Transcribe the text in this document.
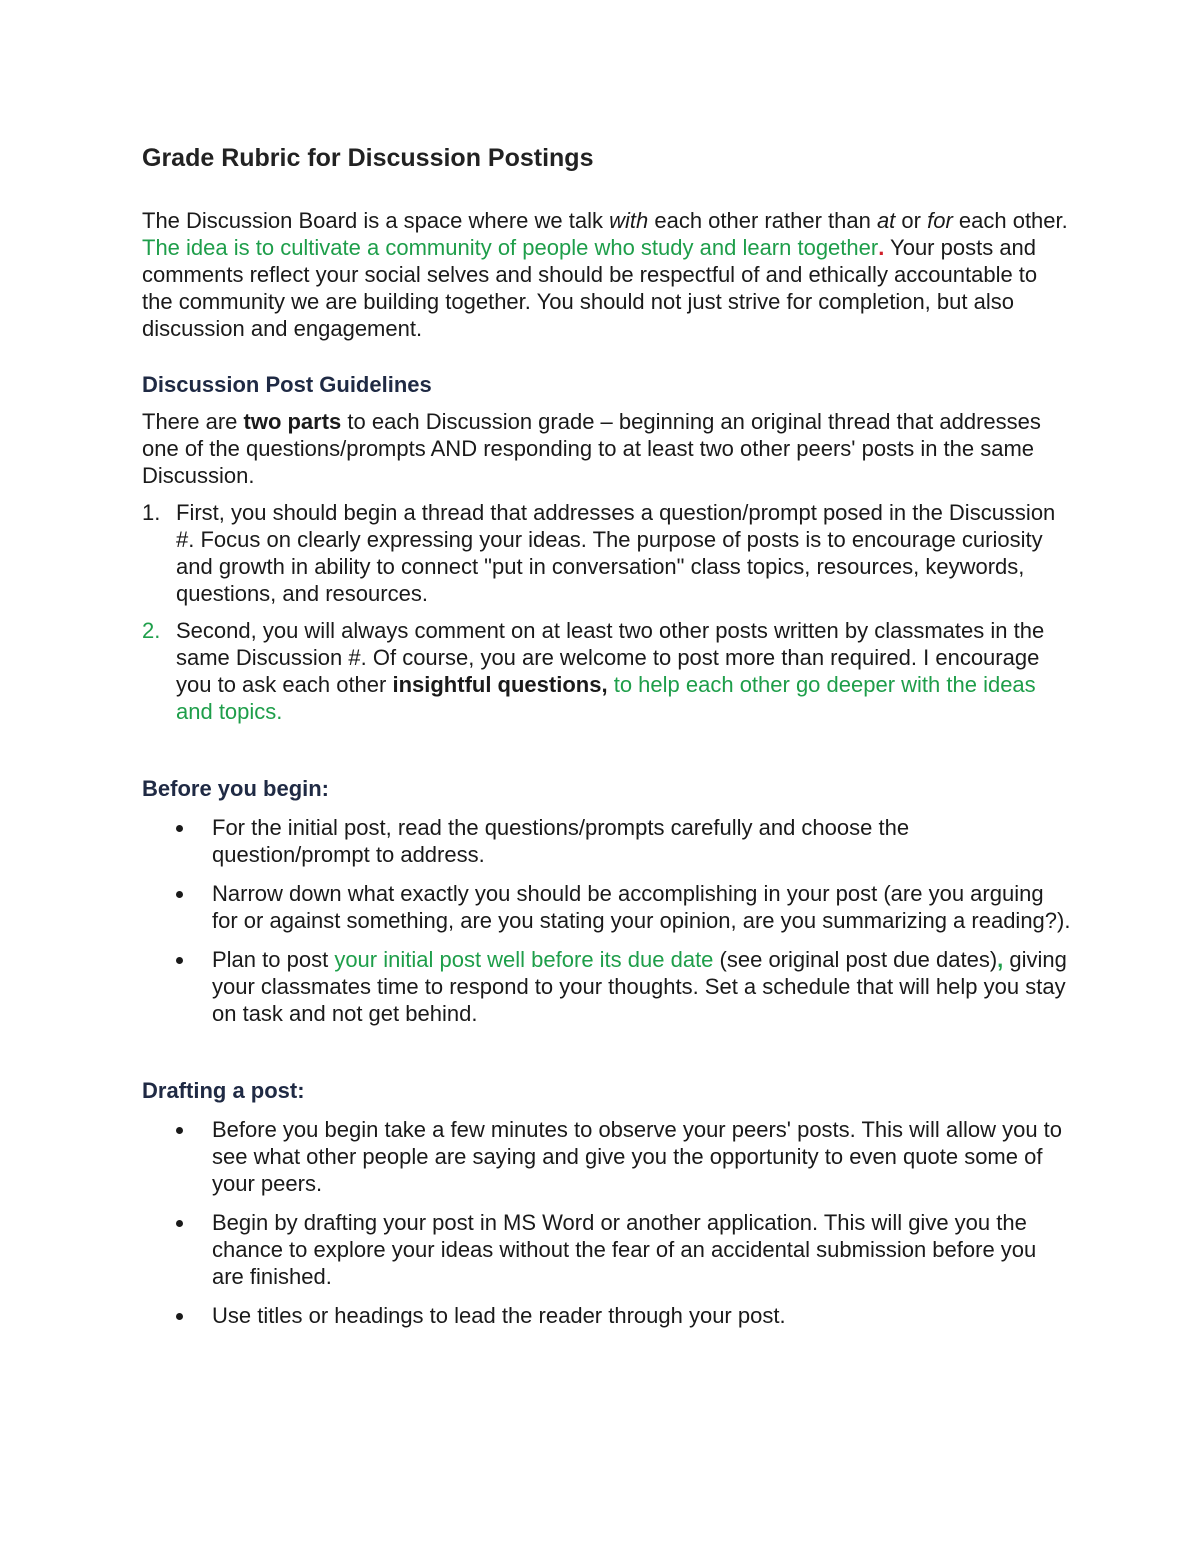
Grade Rubric for Discussion Postings

The Discussion Board is a space where we talk with each other rather than at or for each other. The idea is to cultivate a community of people who study and learn together. Your posts and comments reflect your social selves and should be respectful of and ethically accountable to the community we are building together. You should not just strive for completion, but also discussion and engagement.

Discussion Post Guidelines

There are two parts to each Discussion grade – beginning an original thread that addresses one of the questions/prompts AND responding to at least two other peers' posts in the same Discussion.

1. First, you should begin a thread that addresses a question/prompt posed in the Discussion #. Focus on clearly expressing your ideas. The purpose of posts is to encourage curiosity and growth in ability to connect "put in conversation" class topics, resources, keywords, questions, and resources.
2. Second, you will always comment on at least two other posts written by classmates in the same Discussion #. Of course, you are welcome to post more than required. I encourage you to ask each other insightful questions, to help each other go deeper with the ideas and topics.
Before you begin:
For the initial post, read the questions/prompts carefully and choose the question/prompt to address.
Narrow down what exactly you should be accomplishing in your post (are you arguing for or against something, are you stating your opinion, are you summarizing a reading?).
Plan to post your initial post well before its due date (see original post due dates), giving your classmates time to respond to your thoughts. Set a schedule that will help you stay on task and not get behind.
Drafting a post:
Before you begin take a few minutes to observe your peers' posts. This will allow you to see what other people are saying and give you the opportunity to even quote some of your peers.
Begin by drafting your post in MS Word or another application. This will give you the chance to explore your ideas without the fear of an accidental submission before you are finished.
Use titles or headings to lead the reader through your post.
